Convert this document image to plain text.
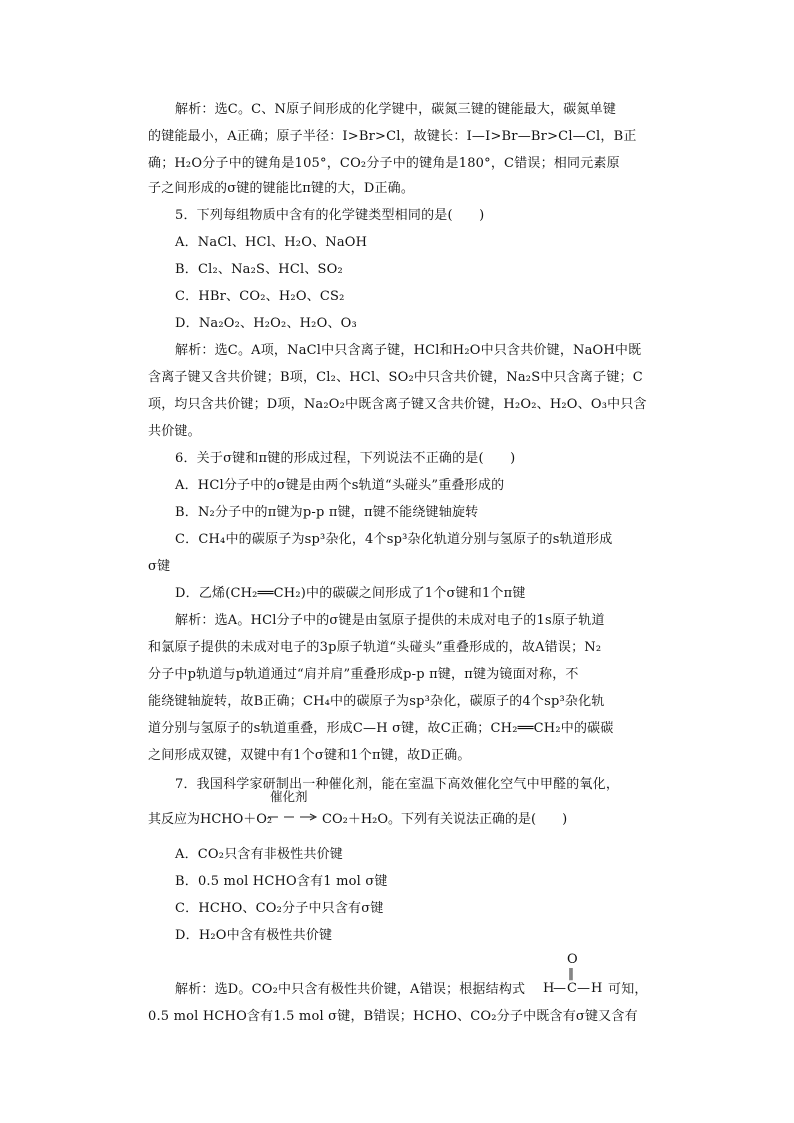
解析：选C。C、N原子间形成的化学键中，碳氮三键的键能最大，碳氮单键
的键能最小，A正确；原子半径：I>Br>Cl，故键长：I—I>Br—Br>Cl—Cl，B正
确；H₂O分子中的键角是105°，CO₂分子中的键角是180°，C错误；相同元素原
子之间形成的σ键的键能比π键的大，D正确。
5．下列每组物质中含有的化学键类型相同的是(　　)
A．NaCl、HCl、H₂O、NaOH
B．Cl₂、Na₂S、HCl、SO₂
C．HBr、CO₂、H₂O、CS₂
D．Na₂O₂、H₂O₂、H₂O、O₃
解析：选C。A项，NaCl中只含离子键，HCl和H₂O中只含共价键，NaOH中既
含离子键又含共价键；B项，Cl₂、HCl、SO₂中只含共价键，Na₂S中只含离子键；C
项，均只含共价键；D项，Na₂O₂中既含离子键又含共价键，H₂O₂、H₂O、O₃中只含
共价键。
6．关于σ键和π键的形成过程，下列说法不正确的是(　　)
A．HCl分子中的σ键是由两个s轨道“头碰头”重叠形成的
B．N₂分子中的π键为p-p π键，π键不能绕键轴旋转
C．CH₄中的碳原子为sp³杂化，4个sp³杂化轨道分别与氢原子的s轨道形成
σ键
D．乙烯(CH₂══CH₂)中的碳碳之间形成了1个σ键和1个π键
解析：选A。HCl分子中的σ键是由氢原子提供的未成对电子的1s原子轨道
和氯原子提供的未成对电子的3p原子轨道“头碰头”重叠形成的，故A错误；N₂
分子中p轨道与p轨道通过“肩并肩”重叠形成p-p π键，π键为镜面对称，不
能绕键轴旋转，故B正确；CH₄中的碳原子为sp³杂化，碳原子的4个sp³杂化轨
道分别与氢原子的s轨道重叠，形成C—H σ键，故C正确；CH₂══CH₂中的碳碳
之间形成双键，双键中有1个σ键和1个π键，故D正确。
7．我国科学家研制出一种催化剂，能在室温下高效催化空气中甲醛的氧化，
其反应为HCHO＋O₂
催化剂
CO₂＋H₂O。下列有关说法正确的是(　　)
A．CO₂只含有非极性共价键
B．0.5 mol HCHO含有1 mol σ键
C．HCHO、CO₂分子中只含有σ键
D．H₂O中含有极性共价键
解析：选D。CO₂中只含有极性共价键，A错误；根据结构式
O
‖
H
— C — H 可知，
0.5 mol HCHO含有1.5 mol σ键，B错误；HCHO、CO₂分子中既含有σ键又含有
